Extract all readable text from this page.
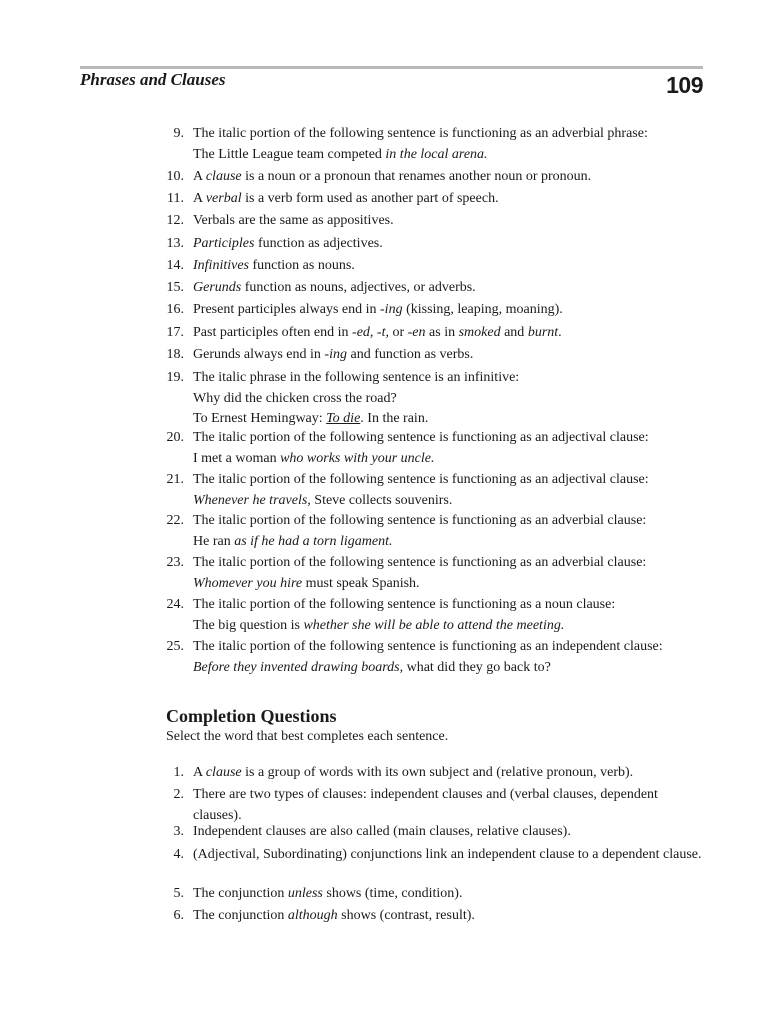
Phrases and Clauses	109
9. The italic portion of the following sentence is functioning as an adverbial phrase:
The Little League team competed in the local arena.
10. A clause is a noun or a pronoun that renames another noun or pronoun.
11. A verbal is a verb form used as another part of speech.
12. Verbals are the same as appositives.
13. Participles function as adjectives.
14. Infinitives function as nouns.
15. Gerunds function as nouns, adjectives, or adverbs.
16. Present participles always end in -ing (kissing, leaping, moaning).
17. Past participles often end in -ed, -t, or -en as in smoked and burnt.
18. Gerunds always end in -ing and function as verbs.
19. The italic phrase in the following sentence is an infinitive:
Why did the chicken cross the road?
To Ernest Hemingway: To die. In the rain.
20. The italic portion of the following sentence is functioning as an adjectival clause:
I met a woman who works with your uncle.
21. The italic portion of the following sentence is functioning as an adjectival clause:
Whenever he travels, Steve collects souvenirs.
22. The italic portion of the following sentence is functioning as an adverbial clause:
He ran as if he had a torn ligament.
23. The italic portion of the following sentence is functioning as an adverbial clause:
Whomever you hire must speak Spanish.
24. The italic portion of the following sentence is functioning as a noun clause:
The big question is whether she will be able to attend the meeting.
25. The italic portion of the following sentence is functioning as an independent clause:
Before they invented drawing boards, what did they go back to?
Completion Questions
Select the word that best completes each sentence.
1. A clause is a group of words with its own subject and (relative pronoun, verb).
2. There are two types of clauses: independent clauses and (verbal clauses, dependent clauses).
3. Independent clauses are also called (main clauses, relative clauses).
4. (Adjectival, Subordinating) conjunctions link an independent clause to a dependent clause.
5. The conjunction unless shows (time, condition).
6. The conjunction although shows (contrast, result).
